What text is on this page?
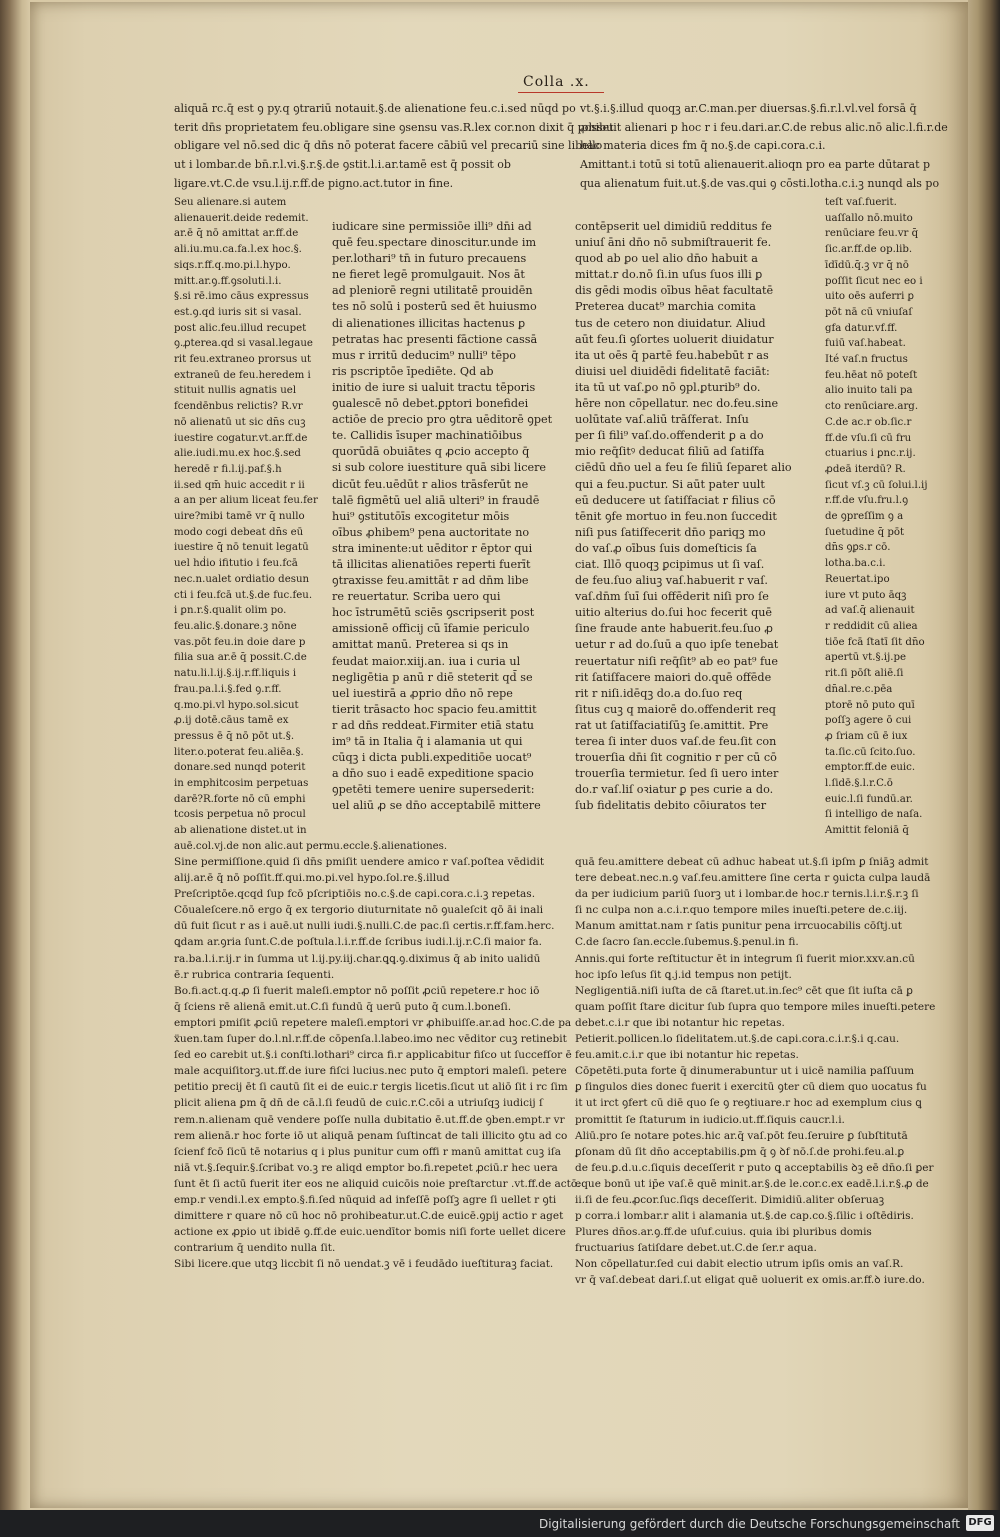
Colla .x.
aliquā rc.q̄ est ꝯ py.q ꝯtrariū notauit.§.de alienatione feu.c.i.sed nūqd po
terit dn̄s proprietatem feu.obligare sine ꝯsensu vas.R.lex cor.non dixit q̄ posset
obligare vel nō.sed dic q̄ dn̄s nō poterat facere cābiū vel precariū sine libello
ut i lombar.de bn̄.r.l.vi.§.r.§.de ꝯstit.l.i.ar.tamē est q̄ possit ob
ligare.vt.C.de vsu.l.ij.r.ff.de pigno.act.tutor in fine.
vt.§.i.§.illud quoqꝫ ar.C.man.per diuersas.§.fi.r.l.vl.vel forsā q̄
ꝓhibuit alienari p hoc r i feu.dari.ar.C.de rebus alic.nō alic.l.fi.r.de
hac materia dices fm q̄ no.§.de capi.cora.c.i.
Amittant.i totū si totū alienauerit.alioqn pro ea parte dūtarat p
qua alienatum fuit.ut.§.de vas.qui ꝯ cōsti.lotha.c.i.ꝫ nunqd als po
Seu alienare.si autem
alienauerit.deide redemit.
ar.ē q̄ nō amittat ar.ff.de
ali.iu.mu.ca.fa.l.ex hoc.§.
siqs.r.ff.q.mo.pi.l.hypo.
mitt.ar.ꝯ.ff.ꝯsoluti.l.i.
§.si rē.imo cāus expressus
est.ꝯ.qd iuris sit si vasal.
post alic.feu.illud recupet
ꝯ.ꝓterea.qd si vasal.legaue
rit feu.extraneo prorsus ut
extraneū de feu.heredem i
stituit nullis agnatis uel
fcendēnbus relictis? R.vr
nō alienatū ut sic dn̄s cuꝫ
iuestire cogatur.vt.ar.ff.de
alie.iudi.mu.ex hoc.§.sed
heredē r fi.l.ij.paf.§.h
ii.sed qm̄ huic accedit r ii
a an per alium liceat feu.fer
uire?mibi tamē vr q̄ nullo
modo cogi debeat dn̄s eū
iuestire q̄ nō tenuit legatū
uel hḋio ifitutio i feu.fcā
nec.n.ualet ordiatio desun
cti i feu.fcā ut.§.de fuc.feu.
i ꝑn.r.§.qualit olim po.
feu.alic.§.donare.ꝫ nōne
vas.pōt feu.in doie dare p
filia sua ar.ē q̄ possit.C.de
natu.li.l.ij.§.ij.r.ff.liquis i
frau.pa.l.i.§.fed ꝯ.r.ff.
q.mo.pi.vl hypo.sol.sicut
ꝓ.ij dotē.cāus tamē ex
pressus ē q̄ nō pōt ut.§.
liter.o.poterat feu.aliēa.§.
donare.sed nunqd poterit
in emphitcosim perpetuas
darē?R.forte nō cū emphi
tcosis perpetua nō procul
ab alienatione distet.ut in
auē.col.vj.de non alic.aut permu.eccle.§.alienationes.
iudicare sine permissiōe illi⁹ dn̄i ad
quē feu.spectare dinoscitur.unde im
per.lothari⁹ tn̄ in futuro precauens
ne fieret legē promulgauit. Nos āt
ad pleniorē regni utilitatē prouidēn
tes nō solū i posterū sed ēt huiusmo
di alienationes illicitas hactenus ꝑ
petratas hac presenti fāctione cassā
mus r irritū deducim⁹ nulli⁹ tēpo
ris pscriptōe īpediēte. Qd ab
initio de iure si ualuit tractu tēporis
ꝯualescē nō debet.ꝑptori bonefidei
actiōe de precio pro ꝯtra uēditorē ꝯpet
te. Callidis īsuper machinatiōibus
quorūdā obuiātes q ꝓcio accepto q̄
si sub colore iuestiture quā sibi licere
dicūt feu.uēdūt r alios trāsferūt ne
talē figmētū uel aliā ulteri⁹ in fraudē
hui⁹ ꝯstitutōīs excogitetur mōis
oībus ꝓhibem⁹ pena auctoritate no
stra iminente:ut uēditor r ēptor qui
tā illicitas alienatiōes reperti fuerīt
ꝯtraxisse feu.amittāt r ad dn̄m libe
re reuertatur. Scriba uero qui
hoc īstrumētū sciēs ꝯscripserit post
amissionē officij cū īfamie periculo
amittat manū. Preterea si qs in
feudat maior.xiij.an. iua i curia ul
negligētia p anū r diē steterit qd̄ se
uel iuestirā a ꝓprio dn̄o nō repe
tierit trāsacto hoc spacio feu.amittit
r ad dn̄s reddeat.Firmiter etiā statu
im⁹ tā in Italia q̄ i alamania ut qui
cūqꝫ i dicta publi.expeditiōe uocat⁹
a dn̄o suo i eadē expeditione spacio
ꝯpetēti temere uenire supersederit:
uel aliū ꝓ se dn̄o acceptabilē mittere
contēpserit uel dimidiū redditus fe
uniuſ āni dn̄o nō submiſtrauerit fe.
quod ab ꝑo uel alio dn̄o habuit a
mittat.r do.nō ſi.in uſus ſuos illi ꝑ
dis gēdi modis oībus hēat facultatē
Preterea ducat⁹ marchia comita
tus de cetero non diuidatur. Aliud
aūt feu.ſi ꝯſortes uoluerit diuidatur
ita ut oēs q̄ partē feu.habebūt r as
diuisi uel diuidēdi fidelitatē faciāt:
ita tū ut vaſ.ꝑo nō ꝯpl.ꝑturib⁹ do.
hēre non cōpellatur. nec do.feu.sine
uolūtate vaſ.aliū trāſferat. Inſu
per ſi fili⁹ vaſ.do.offenderit ꝑ a do
mio req̄ſitꝰ deducat filiū ad ſatiſfa
ciēdū dn̄o uel a feu ſe filiū ſeparet alio
qui a feu.puctur. Si aūt pater uult
eū deducere ut ſatiſfaciat r filius cō
tēnit ꝯfe mortuo in feu.non ſuccedit
niſi pus ſatiſfecerit dn̄o pariqꝫ mo
do vaſ.ꝓ oībus ſuis domeſticis ſa
ciat. Illō quoqꝫ ꝑcipimus ut ſi vaſ.
de feu.ſuo aliuꝫ vaſ.habuerit r vaſ.
vaſ.dn̄m ſuī ſui offēderit niſi pro ſe
uitio alterius do.ſui hoc fecerit quē
ſine fraude ante habuerit.feu.ſuo ꝓ
uetur r ad do.ſuū a quo ipſe tenebat
reuertatur niſi req̄ſit⁹ ab eo pat⁹ fue
rit ſatiſfacere maiori do.quē offēde
rit r niſi.idēqꝫ do.a do.ſuo req
ſitus cuꝫ q maiorē do.offenderit req
rat ut ſatiſfaciatiſūꝫ ſe.amittit. Pre
terea ſi inter duos vaſ.de feu.ſit con
trouerſia dn̄i ſit cognitio r per cū cō
trouerſia termietur. ſed ſi uero inter
do.r vaſ.liſ oꝛiatur ꝑ pes curie a do.
ſub fidelitatis debito cōiuratos ter
teſt vaſ.fuerit.
uaſſallo nō.muito
renūciare feu.vr q̄
ſic.ar.ff.de op.lib.
īdīdū.q̄.ꝫ vr q̄ nō
poſſit ſicut nec eo i
uito oēs auferri ꝑ
pōt nā cū vniuſaſ
gfa datur.vf.ff.
fuiū vaſ.habeat.
Ité vaſ.n fructus
feu.hēat nō poteſt
alio inuito tali pa
cto renūciare.arg.
C.de ac.r ob.ſic.r
ff.de vſu.ſi cū fru
ctuarius i ꝑnc.r.ij.
ꝓdeā iterdū? R.
ſicut vſ.ꝫ cū ſolui.l.ij
r.ff.de vſu.fru.l.ꝯ
de ꝯpreſſim ꝯ a
ſuetudine q̄ pōt
dn̄s ꝯꝑs.r cō.
lotha.ba.c.i.
Reuertat.ipo
iure vt puto āqꝫ
ad vaſ.q̄ alienauit
r reddidit cū aliea
tiōe fcā ſtatī ſit dn̄o
apertū vt.§.ij.pe
rit.ſi pōſt aliē.ſi
dn̄al.re.c.pēa
ptorē nō puto quī
poſſꝫ agere ō cui
ꝓ ſriam cū ē iux
ta.ſic.cū ſcito.ſuo.
emptor.ff.de euic.
l.ſidē.§.l.r.C.ō
euic.l.ſi fundū.ar.
ſi intelligo de naſa.
Amittit feloniā q̄
Sine permiſſione.quid ſi dn̄s pmiſit uendere amico r vaſ.poſtea vēdidit
alij.ar.ē q̄ nō poſſit.ff.qui.mo.pi.vel hypo.ſol.re.§.illud
Preſcriptōe.qcqd ſup fcō pſcriptiōis no.c.§.de capi.cora.c.i.ꝫ repetas.
Cōualeſcere.nō ergo q̄ ex tergorio diuturnitate nō ꝯualeſcit qō āi inali
dū fuit ſicut r as i auē.ut nulli iudi.§.nulli.C.de pac.ſi certis.r.ff.fam.herc.
ꝗdam ar.ꝯria ſunt.C.de poſtula.l.i.r.ff.de ſcribus iudi.l.ij.r.C.ſi maior fa.
ra.ba.l.i.r.ij.r in ſumma ut l.ij.py.iij.char.ꝗꝗ.ꝯ.diximus q̄ ab inito ualidū
ē.r rubrica contraria ſequenti.
Bo.fi.act.q.q.ꝓ ſi fuerit maleſi.emptor nō poſſit ꝓciū repetere.r hoc iō
q̄ ſciens rē alienā emit.ut.C.ſi fundū q̄ uerū puto q̄ cum.l.boneſi.
emptori pmiſit ꝓciū repetere maleſi.emptori vr ꝓhibuiſſe.ar.ad hoc.C.de pa
ẍuen.tam ſuper do.l.nl.r.ff.de cōpenſa.l.labeo.imo nec vēditor cuꝫ retinebit
ſed eo carebit ut.§.i conſti.lothari⁹ circa fi.r applicabitur fiſco ut ſuccefſor ē
male acquiſitorꝫ.ut.ff.de iure fiſci lucius.nec puto q̄ emptori maleſi. petere
petitio precij ēt ſi cautū ſit ei de euic.r tergis licetis.ſicut ut aliō ſit i rc ſim
plicit aliena ꝑm q̄ dn̄ de cā.l.ſi feudū de cuic.r.C.cōi a utriuſqꝫ iudicij ſ
rem.n.alienam quē vendere poſſe nulla dubitatio ē.ut.ff.de ꝯben.empt.r vr
rem alienā.r hoc forte iō ut aliquā penam ſuſtincat de tali illicito ꝯtu ad co
ſcienf fcō ſicū tē notarius q i plus punitur cum offi r manū amittat cuꝫ iſa
niā vt.§.ſequir.§.ſcribat vo.ꝫ re aliqd emptor bo.fi.repetet ꝓciū.r hec uera
ſunt ēt ſi actū fuerit iter eos ne aliquid cuicōis noie preſtarctur .vt.ff.de actō.
emp.r vendi.l.ex empto.§.fi.ſed nūquid ad infeſſē poſſꝫ agre ſi uellet r ꝯti
dimittere r quare nō cū hoc nō prohibeatur.ut.C.de euicē.ꝯpij actio r aget
actione ex ꝓpio ut ibidē ꝯ.ff.de euic.uendītor bomis niſi forte uellet dicere
contrarium q̄ uendito nulla ſit.
Sibi licere.que utqꝫ liccbit ſi nō uendat.ꝫ vē i feudādo iueſtituraꝫ faciat.
quā feu.amittere debeat cū adhuc habeat ut.§.ſi ipſm ꝑ ſniāꝫ admit
tere debeat.nec.n.ꝯ vaſ.feu.amittere ſine certa r ꝯuicta culpa laudā
da per iudicium pariū ſuorꝫ ut i lombar.de hoc.r ternis.l.i.r.§.r.ꝫ ſi
ſi nc culpa non a.c.i.r.quo tempore miles inueſti.petere de.c.iij.
Manum amittat.nam r ſatis punitur pena irrcuocabilis cōſtj.ut
C.de ſacro ſan.eccle.ſubemus.§.penul.in fi.
Annis.qui forte reſtituctur ēt in integrum ſi fuerit mior.xxv.an.cū
hoc ipſo leſus ſit ꝗ.j.id tempus non petijt.
Negligentiā.niſi iuſta de cā ſtaret.ut.in.ſec⁹ cēt que ſit iuſta cā ꝑ
quam poſſit ſtare dicitur ſub ſupra quo tempore miles inueſti.petere
debet.c.i.r que ibi notantur hic repetas.
Petierit.pollicen.lo ſidelitatem.ut.§.de capi.cora.c.i.r.§.i q.cau.
feu.amit.c.i.r que ibi notantur hic repetas.
Cōpetēti.puta forte q̄ dinumerabuntur ut i uicē namilia paſſuum
ꝑ ſingulos dies donec fuerit i exercitū ꝯter cū diem quo uocatus fu
it ut irct ꝯfert cū diē quo ſe ꝯ reꝯtiuare.r hoc ad exemplum cius ꝗ
promittit ſe ſtaturum in iudicio.ut.ff.ſiquis caucr.l.i.
Aliū.pro ſe notare potes.hic ar.q̄ vaſ.pōt feu.ſeruire ꝑ ſubſtitutā
ꝑſonam dū ſit dn̄o acceptabilis.ꝑm q̄ ꝯ ꝺf nō.ſ.de prohi.feu.al.ꝑ
de feu.ꝑ.d.u.c.ſiquis deceſſerit r puto ꝗ acceptabilis ꝺꝫ eē dn̄o.ſi ꝑer
eque bonū ut ip̄e vaſ.ē quē minit.ar.§.de le.cor.c.ex eadē.l.i.r.§.ꝓ de
ii.ſi de feu.ꝓcor.ſuc.ſiqs deceſſerit. Dimidiū.aliter obſeruaꝫ
p corra.i lombar.r alit i alamania ut.§.de cap.co.§.ſilic i oſtēdiris.
Plures dn̄os.ar.ꝯ.ff.de uſuf.cuius. quia ibi pluribus domis
fructuarius ſatiſdare debet.ut.C.de ſer.r aqua.
Non cōpellatur.ſed cui dabit electio utrum ipſis omis an vaſ.R.
vr q̄ vaſ.debeat dari.ſ.ut eligat quē uoluerit ex omis.ar.ff.ꝺ iure.do.
Digitalisierung gefördert durch die Deutsche Forschungsgemeinschaft DFG
